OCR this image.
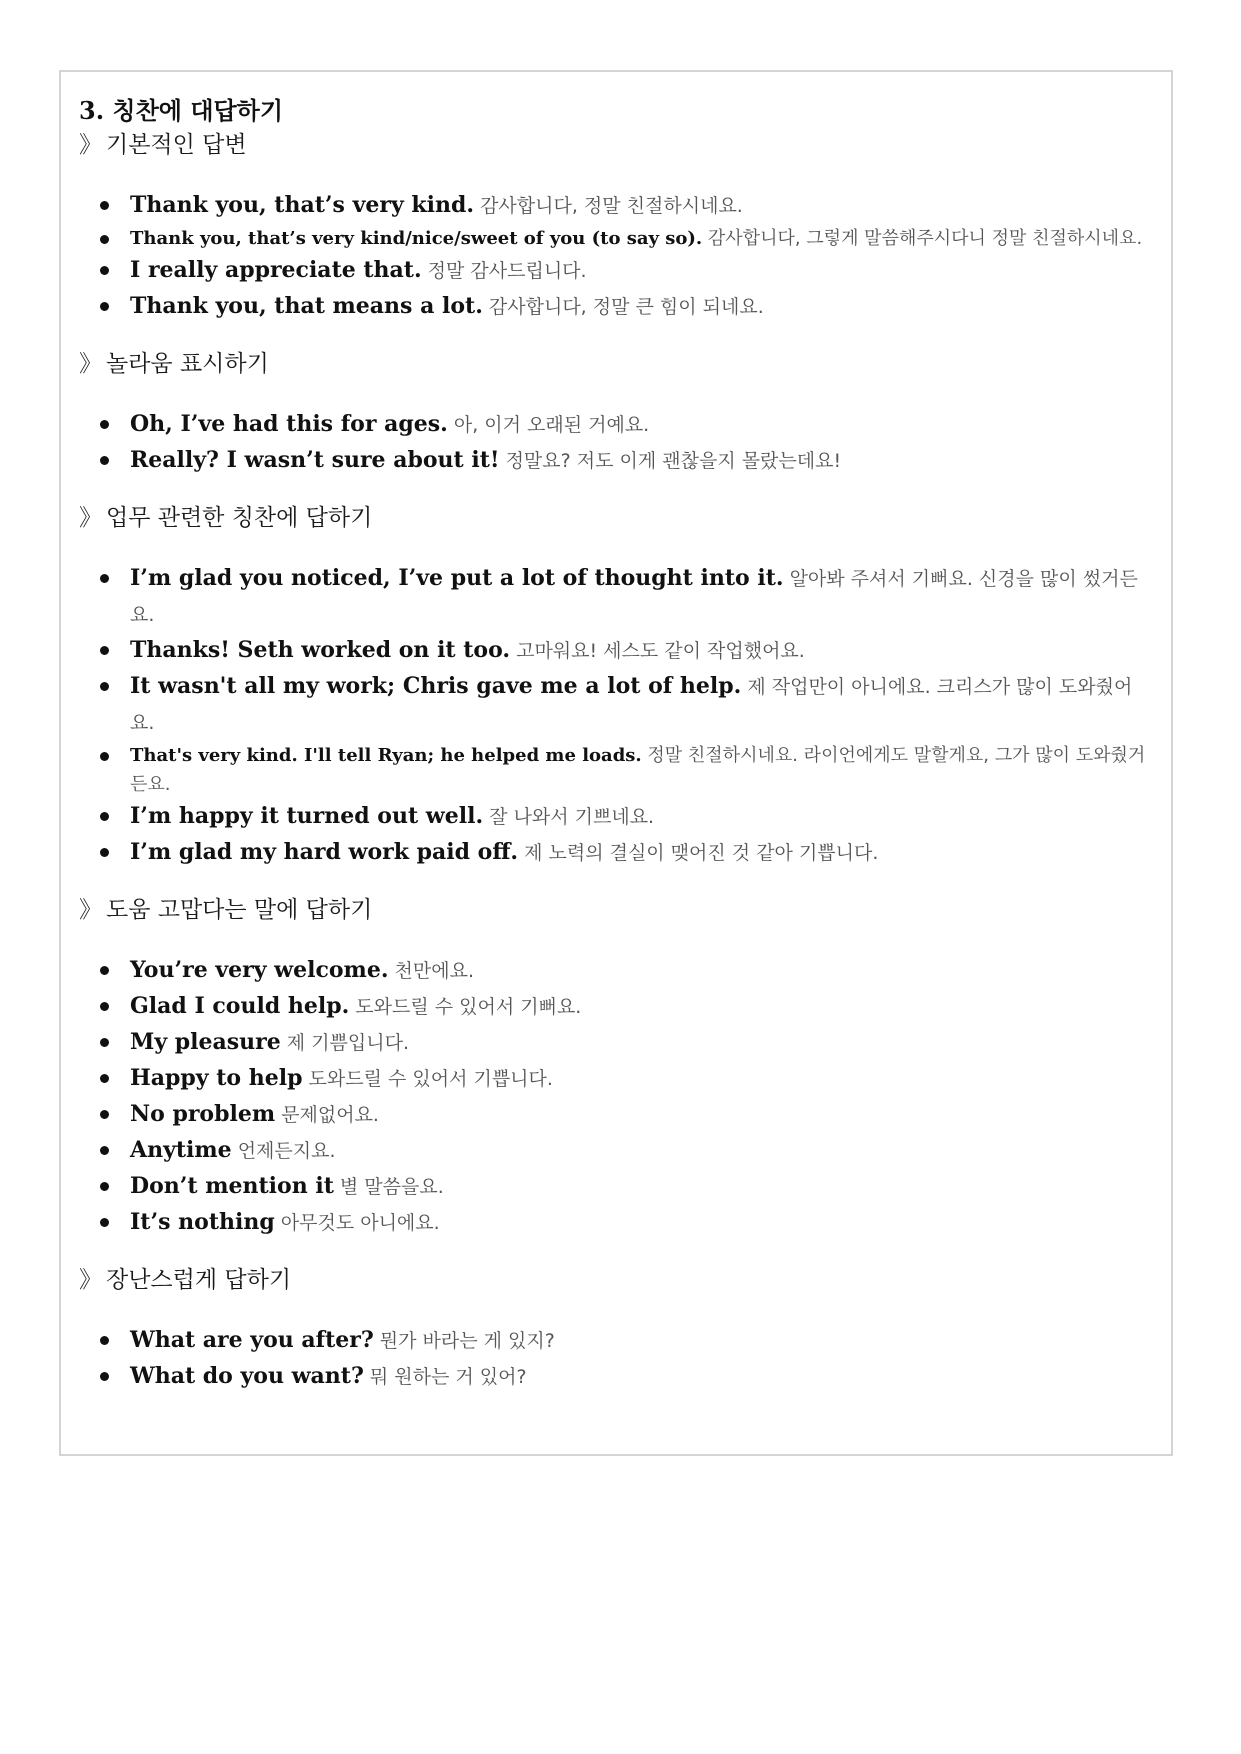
3. 칭찬에 대답하기

》 기본적인 답변

Thank you, that’s very kind. 감사합니다, 정말 친절하시네요.
Thank you, that’s very kind/nice/sweet of you (to say so). 감사합니다, 그렇게 말씀해주시다니 정말 친절하시네요.
I really appreciate that. 정말 감사드립니다.
Thank you, that means a lot. 감사합니다, 정말 큰 힘이 되네요.

》 놀라움 표시하기

Oh, I’ve had this for ages. 아, 이거 오래된 거예요.
Really? I wasn’t sure about it! 정말요? 저도 이게 괜찮을지 몰랐는데요!

》 업무 관련한 칭찬에 답하기

I’m glad you noticed, I’ve put a lot of thought into it. 알아봐 주셔서 기뻐요. 신경을 많이 썼거든요.
Thanks! Seth worked on it too. 고마워요! 세스도 같이 작업했어요.
It wasn't all my work; Chris gave me a lot of help. 제 작업만이 아니에요. 크리스가 많이 도와줬어요.
That's very kind. I'll tell Ryan; he helped me loads. 정말 친절하시네요. 라이언에게도 말할게요, 그가 많이 도와줬거든요.
I’m happy it turned out well. 잘 나와서 기쁘네요.
I’m glad my hard work paid off. 제 노력의 결실이 맺어진 것 같아 기쁩니다.

》 도움 고맙다는 말에 답하기

You’re very welcome. 천만에요.
Glad I could help. 도와드릴 수 있어서 기뻐요.
My pleasure 제 기쁨입니다.
Happy to help 도와드릴 수 있어서 기쁩니다.
No problem 문제없어요.
Anytime 언제든지요.
Don’t mention it 별 말씀을요.
It’s nothing 아무것도 아니에요.

》 장난스럽게 답하기

What are you after? 뭔가 바라는 게 있지?
What do you want? 뭐 원하는 거 있어?
